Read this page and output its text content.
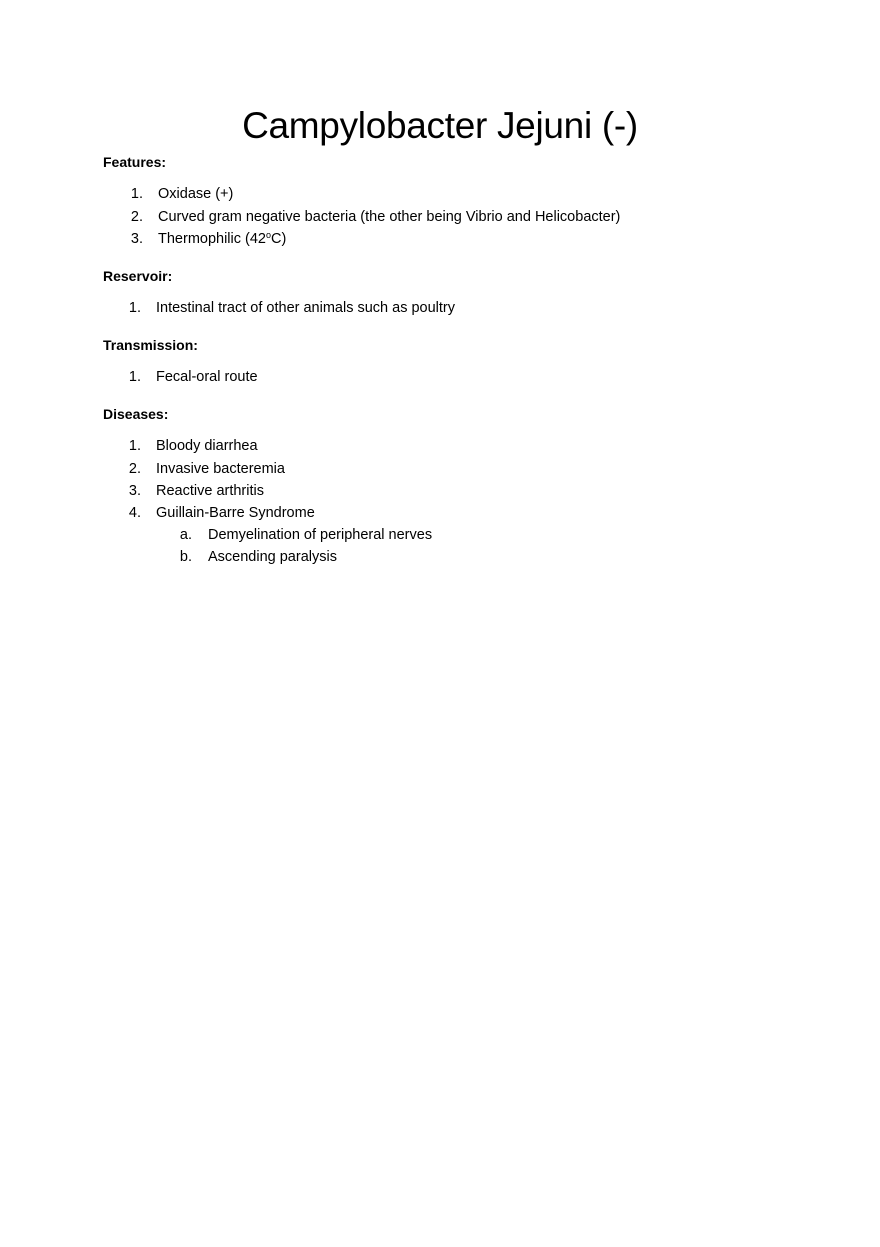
Campylobacter Jejuni (-)
Features:
1. Oxidase (+)
2. Curved gram negative bacteria (the other being Vibrio and Helicobacter)
3. Thermophilic (42$^o$C)
Reservoir:
1. Intestinal tract of other animals such as poultry
Transmission:
1. Fecal-oral route
Diseases:
1. Bloody diarrhea
2. Invasive bacteremia
3. Reactive arthritis
4. Guillain-Barre Syndrome
a. Demyelination of peripheral nerves
b. Ascending paralysis
